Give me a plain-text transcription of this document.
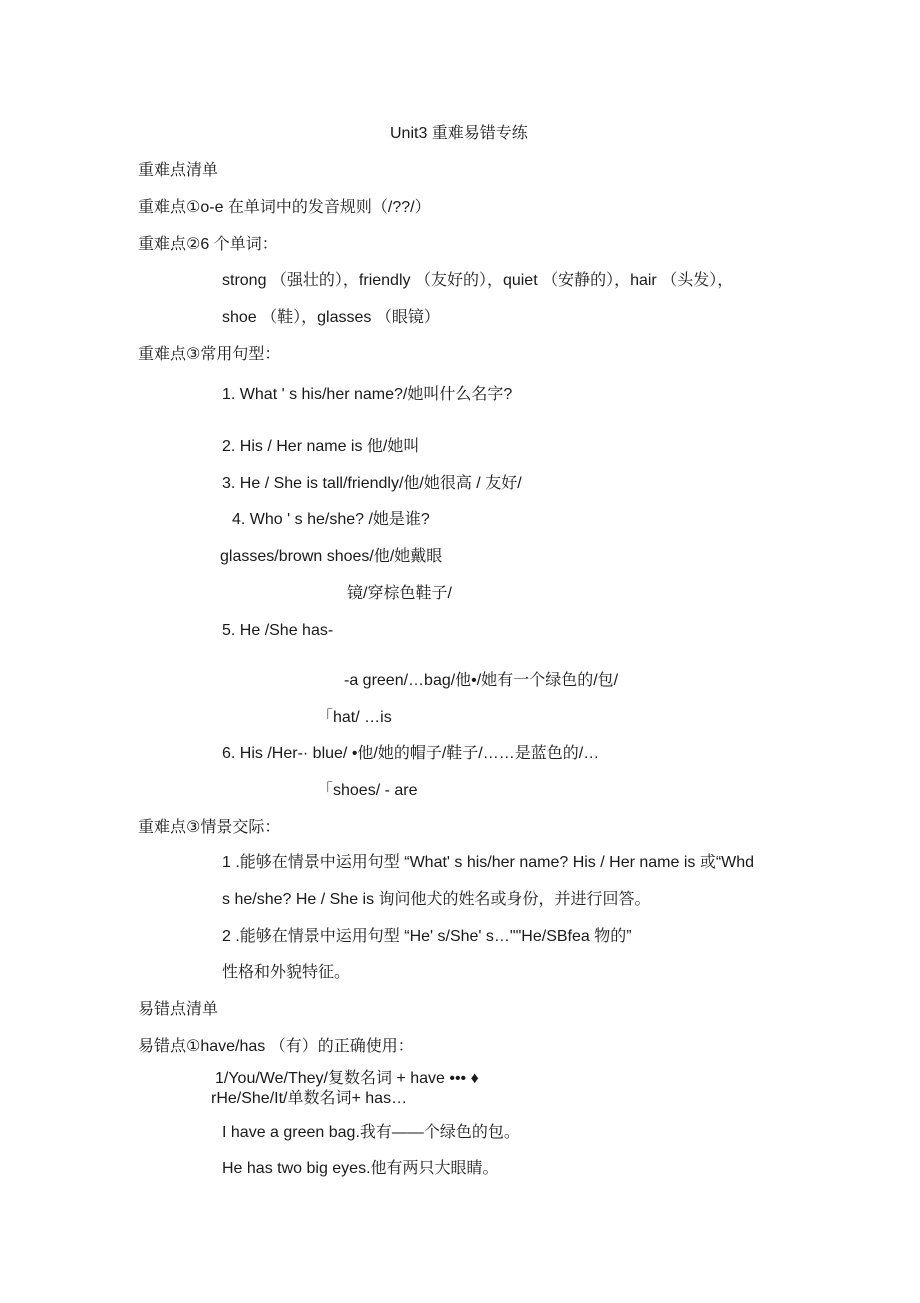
Unit3 重难易错专练
重难点清单
重难点①o-e 在单词中的发音规则（/??/）
重难点②6 个单词：
strong （强壮的），friendly （友好的），quiet （安静的），hair （头发），
shoe （鞋），glasses （眼镜）
重难点③常用句型：
1. What ' s his/her name?/她叫什么名字?
2. His / Her name is 他/她叫
3. He / She is tall/friendly/他/她很高 / 友好/
4. Who ' s he/she? /她是谁?
glasses/brown shoes/他/她戴眼
镜/穿棕色鞋子/
5. He /She has-
-a green/…bag/他•/她有一个绿色的/包/
「hat/ …is
6. His /Her-· blue/ •他/她的帽子/鞋子/……是蓝色的/…
「shoes/ - are
重难点③情景交际：
1 .能够在情景中运用句型 “What' s his/her name? His / Her name is 或“Whd
s he/she? He / She is 询问他犬的姓名或身份，并进行回答。
2 .能够在情景中运用句型 “He' s/She' s…""He/SBfea 物的”
性格和外貌特征。
易错点清单
易错点①have/has （有）的正确使用：
1/You/We/They/复数名词 + have ••• ♦
rHe/She/It/单数名词+ has…
I have a green bag.我有——个绿色的包。
He has two big eyes.他有两只大眼睛。
